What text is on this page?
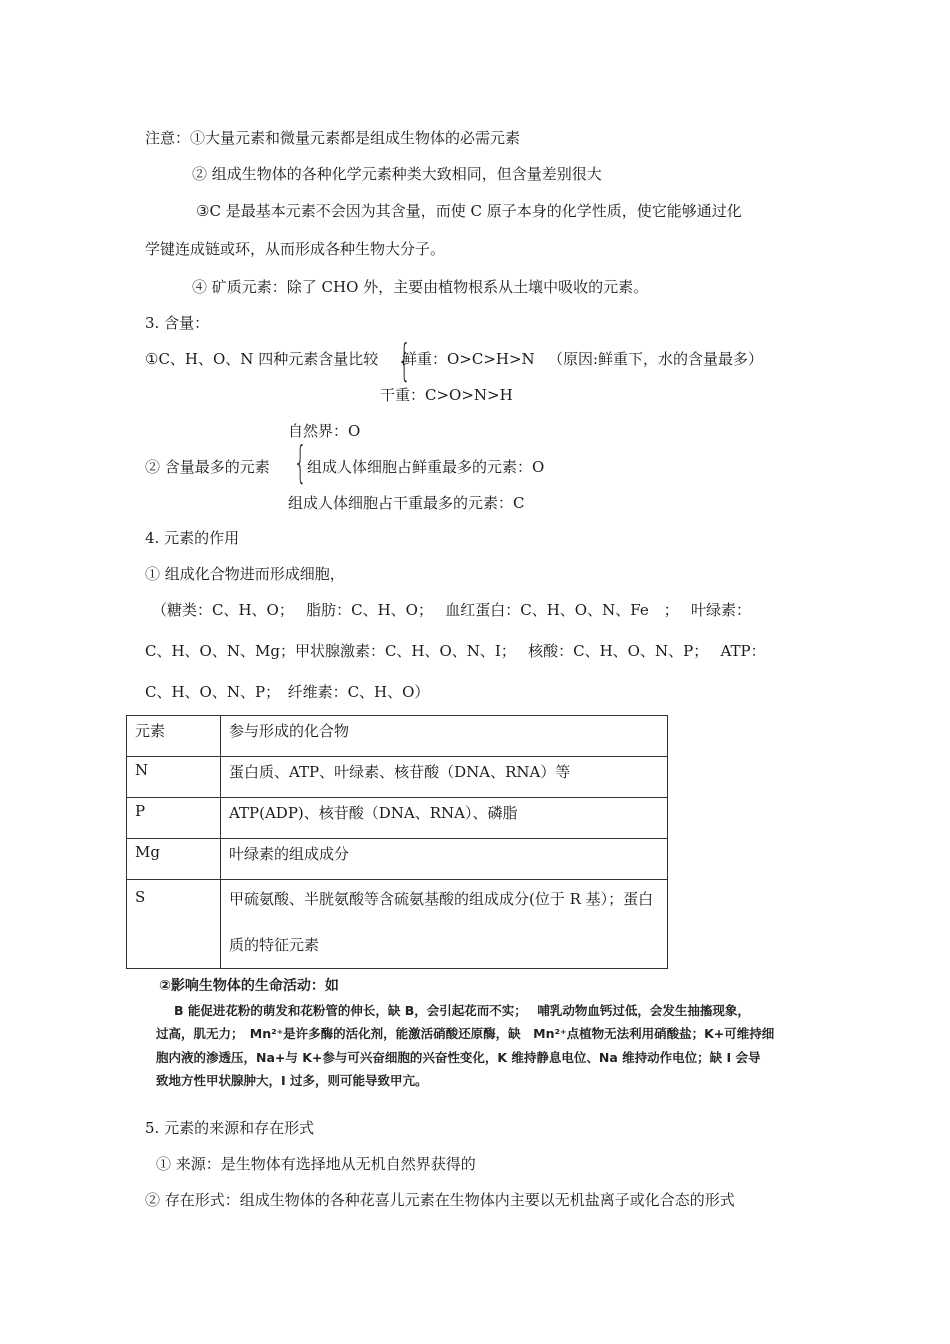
注意：①大量元素和微量元素都是组成生物体的必需元素
② 组成生物体的各种化学元素种类大致相同，但含量差别很大
③C 是最基本元素不会因为其含量，而使 C 原子本身的化学性质，使它能够通过化
学键连成链或环，从而形成各种生物大分子。
④ 矿质元素：除了 CHO 外，主要由植物根系从土壤中吸收的元素。
3. 含量：
①C、H、O、N 四种元素含量比较 {
鲜重：O>C>H>N （原因:鲜重下，水的含量最多）
干重：C>O>N>H
自然界：O
② 含量最多的元素 { 组成人体细胞占鲜重最多的元素：O
组成人体细胞占干重最多的元素：C
4. 元素的作用
① 组成化合物进而形成细胞，
（糖类：C、H、O；　 脂肪：C、H、O；　 血红蛋白：C、H、O、N、Fe　；　 叶绿素：
C、H、O、N、Mg；甲状腺激素：C、H、O、N、I；　 核酸：C、H、O、N、P；　 ATP：
C、H、O、N、P；　纤维素：C、H、O）
元素	参与形成的化合物
N	蛋白质、ATP、叶绿素、核苷酸（DNA、RNA）等
P	ATP(ADP)、核苷酸（DNA、RNA）、磷脂
Mg	叶绿素的组成成分
S	甲硫氨酸、半胱氨酸等含硫氨基酸的组成成分(位于 R 基）；蛋白质的特征元素
②影响生物体的生命活动：如
B 能促进花粉的萌发和花粉管的伸长，缺 B，会引起花而不实；　 哺乳动物血钙过低，会发生抽搐现象，
过高，肌无力；　Mn²⁺是许多酶的活化剂，能激活硝酸还原酶，缺　Mn²⁺点植物无法利用硝酸盐；K+可维持细
胞内液的渗透压，Na+与 K+参与可兴奋细胞的兴奋性变化，K 维持静息电位、Na 维持动作电位；缺 I 会导
致地方性甲状腺肿大，I 过多，则可能导致甲亢。
5. 元素的来源和存在形式
① 来源：是生物体有选择地从无机自然界获得的
② 存在形式：组成生物体的各种花喜儿元素在生物体内主要以无机盐离子或化合态的形式
